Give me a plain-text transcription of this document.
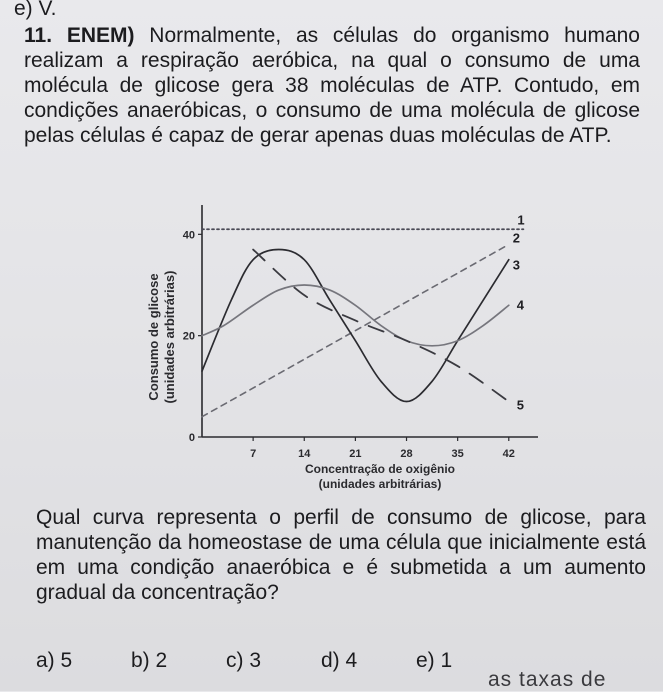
e) V.
11. ENEM) Normalmente, as células do organismo humano realizam a respiração aeróbica, na qual o consumo de uma molécula de glicose gera 38 moléculas de ATP. Contudo, em condições anaeróbicas, o consumo de uma molécula de glicose pelas células é capaz de gerar apenas duas moléculas de ATP.
7	14	21	28	35	42
0
20
40
Concentração de oxigênio
(unidades arbitrárias)
Consumo de glicose (unidades arbitrárias)
1
2
3
4
5
Qual curva representa o perfil de consumo de glicose, para manutenção da homeostase de uma célula que inicialmente está em uma condição anaeróbica e é submetida a um aumento gradual da concentração?
a) 5	b) 2	c) 3	d) 4	e) 1
as taxas de
